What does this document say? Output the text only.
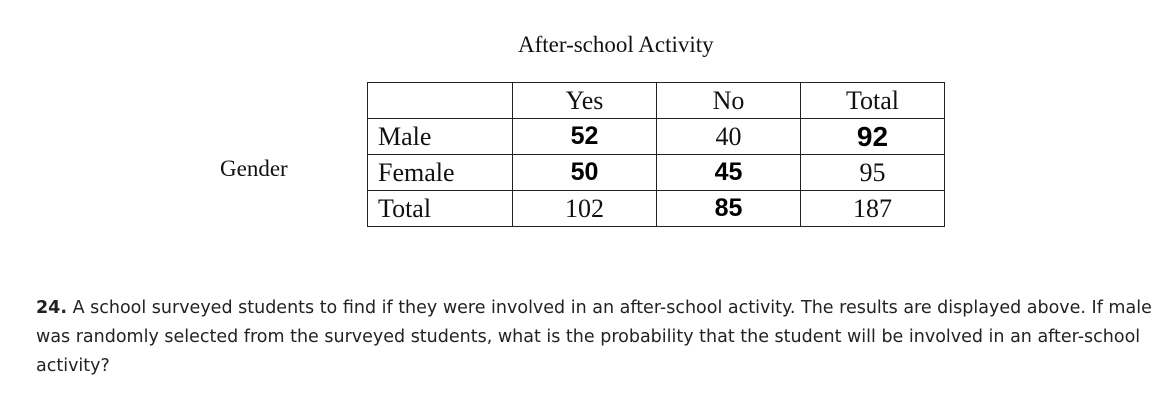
After-school Activity
Gender
	Yes	No	Total
Male	52	40	92
Female	50	45	95
Total	102	85	187
24. A school surveyed students to find if they were involved in an after-school activity. The results are displayed above. If male was randomly selected from the surveyed students, what is the probability that the student will be involved in an after-school activity?
